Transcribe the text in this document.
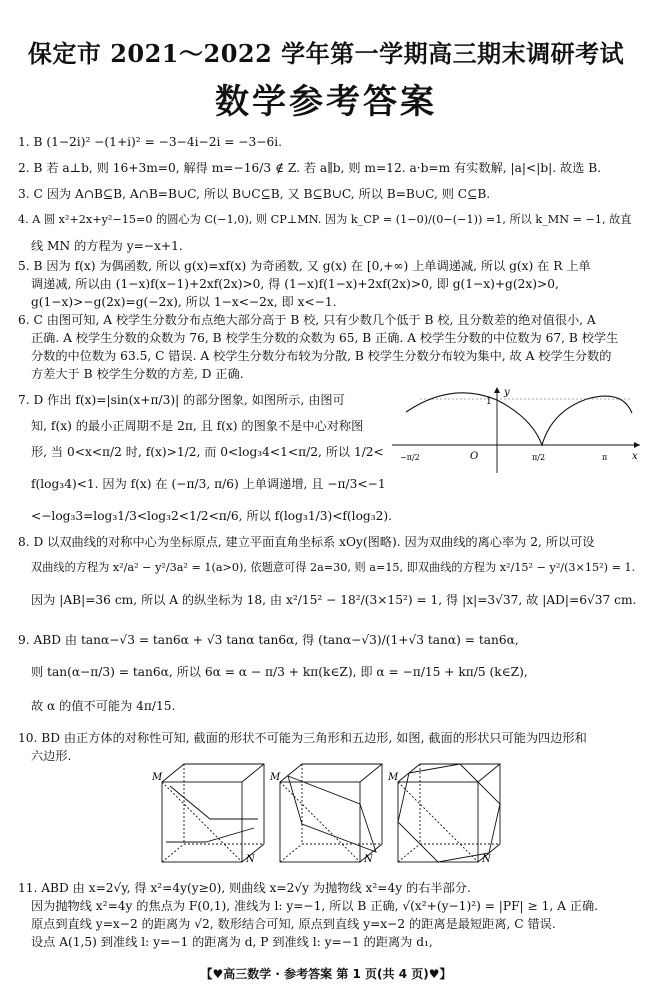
保定市 2021～2022 学年第一学期高三期末调研考试
数学参考答案
1. B (1−2i)² −(1+i)² = −3−4i−2i = −3−6i.
2. B 若 a⊥b, 则 16+3m=0, 解得 m=−16/3 ∉ Z. 若 a∥b, 则 m=12. a·b=m 有实数解, |a|<|b|. 故选 B.
3. C 因为 A∩B⊆B, A∩B=B∪C, 所以 B∪C⊆B, 又 B⊆B∪C, 所以 B=B∪C, 则 C⊆B.
4. A 圆 x²+2x+y²−15=0 的圆心为 C(−1,0), 则 CP⊥MN. 因为 k_CP = (1−0)/(0−(−1)) =1, 所以 k_MN = −1, 故直
线 MN 的方程为 y=−x+1.
5. B 因为 f(x) 为偶函数, 所以 g(x)=xf(x) 为奇函数, 又 g(x) 在 [0,+∞) 上单调递减, 所以 g(x) 在 R 上单
调递减, 所以由 (1−x)f(x−1)+2xf(2x)>0, 得 (1−x)f(1−x)+2xf(2x)>0, 即 g(1−x)+g(2x)>0,
g(1−x)>−g(2x)=g(−2x), 所以 1−x<−2x, 即 x<−1.
6. C 由图可知, A 校学生分数分布点绝大部分高于 B 校, 只有少数几个低于 B 校, 且分数差的绝对值很小, A
正确. A 校学生分数的众数为 76, B 校学生分数的众数为 65, B 正确. A 校学生分数的中位数为 67, B 校学生
分数的中位数为 63.5, C 错误. A 校学生分数分布较为分散, B 校学生分数分布较为集中, 故 A 校学生分数的
方差大于 B 校学生分数的方差, D 正确.
7. D 作出 f(x)=|sin(x+π/3)| 的部分图象, 如图所示, 由图可
知, f(x) 的最小正周期不是 2π, 且 f(x) 的图象不是中心对称图
形, 当 0<x<π/2 时, f(x)>1/2, 而 0<log₃4<1<π/2, 所以 1/2<
f(log₃4)<1. 因为 f(x) 在 (−π/3, π/6) 上单调递增, 且 −π/3<−1
<−log₃3=log₃1/3<log₃2<1/2<π/6, 所以 f(log₃1/3)<f(log₃2).
8. D 以双曲线的对称中心为坐标原点, 建立平面直角坐标系 xOy(图略). 因为双曲线的离心率为 2, 所以可设
双曲线的方程为 x²/a² − y²/3a² = 1(a>0), 依题意可得 2a=30, 则 a=15, 即双曲线的方程为 x²/15² − y²/(3×15²) = 1.
因为 |AB|=36 cm, 所以 A 的纵坐标为 18, 由 x²/15² − 18²/(3×15²) = 1, 得 |x|=3√37, 故 |AD|=6√37 cm.
9. ABD 由 tanα−√3 = tan6α + √3 tanα tan6α, 得 (tanα−√3)/(1+√3 tanα) = tan6α,
则 tan(α−π/3) = tan6α, 所以 6α = α − π/3 + kπ(k∈Z), 即 α = −π/15 + kπ/5 (k∈Z),
故 α 的值不可能为 4π/15.
10. BD 由正方体的对称性可知, 截面的形状不可能为三角形和五边形, 如图, 截面的形状只可能为四边形和
六边形.
11. ABD 由 x=2√y, 得 x²=4y(y≥0), 则曲线 x=2√y 为抛物线 x²=4y 的右半部分.
因为抛物线 x²=4y 的焦点为 F(0,1), 准线为 l: y=−1, 所以 B 正确, √(x²+(y−1)²) = |PF| ≥ 1, A 正确.
原点到直线 y=x−2 的距离为 √2, 数形结合可知, 原点到直线 y=x−2 的距离是最短距离, C 错误.
设点 A(1,5) 到准线 l: y=−1 的距离为 d, P 到准线 l: y=−1 的距离为 d₁,
y
1
O	x
−π/2	π/2	π
M
N
M
N
M
N
【♥高三数学 · 参考答案 第 1 页(共 4 页)♥】
